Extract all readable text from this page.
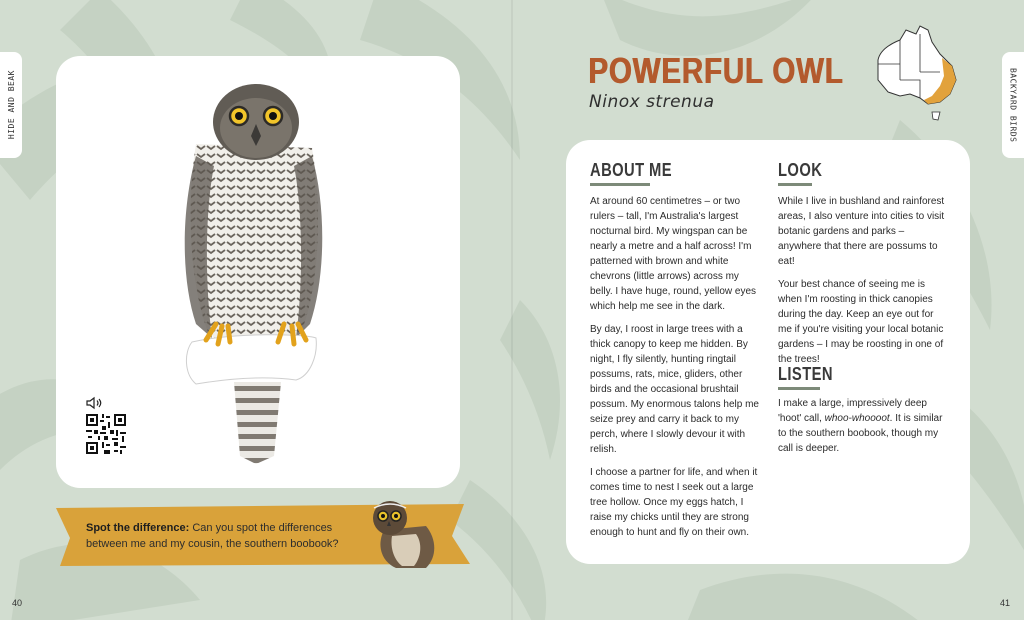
HIDE AND BEAK	BACKYARD BIRDS
Spot the difference: Can you spot the differences between me and my cousin, the southern boobook?
40	41
POWERFUL OWL
Ninox strenua
ABOUT ME

At around 60 centimetres – or two rulers – tall, I'm Australia's largest nocturnal bird. My wingspan can be nearly a metre and a half across! I'm patterned with brown and white chevrons (little arrows) across my belly. I have huge, round, yellow eyes which help me see in the dark.

By day, I roost in large trees with a thick canopy to keep me hidden. By night, I fly silently, hunting ringtail possums, rats, mice, gliders, other birds and the occasional brushtail possum. My enormous talons help me seize prey and carry it back to my perch, where I slowly devour it with relish.

I choose a partner for life, and when it comes time to nest I seek out a large tree hollow. Once my eggs hatch, I raise my chicks until they are strong enough to hunt and fly on their own.

LOOK

While I live in bushland and rainforest areas, I also venture into cities to visit botanic gardens and parks – anywhere that there are possums to eat!

Your best chance of seeing me is when I'm roosting in thick canopies during the day. Keep an eye out for me if you're visiting your local botanic gardens – I may be roosting in one of the trees!

LISTEN

I make a large, impressively deep 'hoot' call, whoo-whoooot. It is similar to the southern boobook, though my call is deeper.
